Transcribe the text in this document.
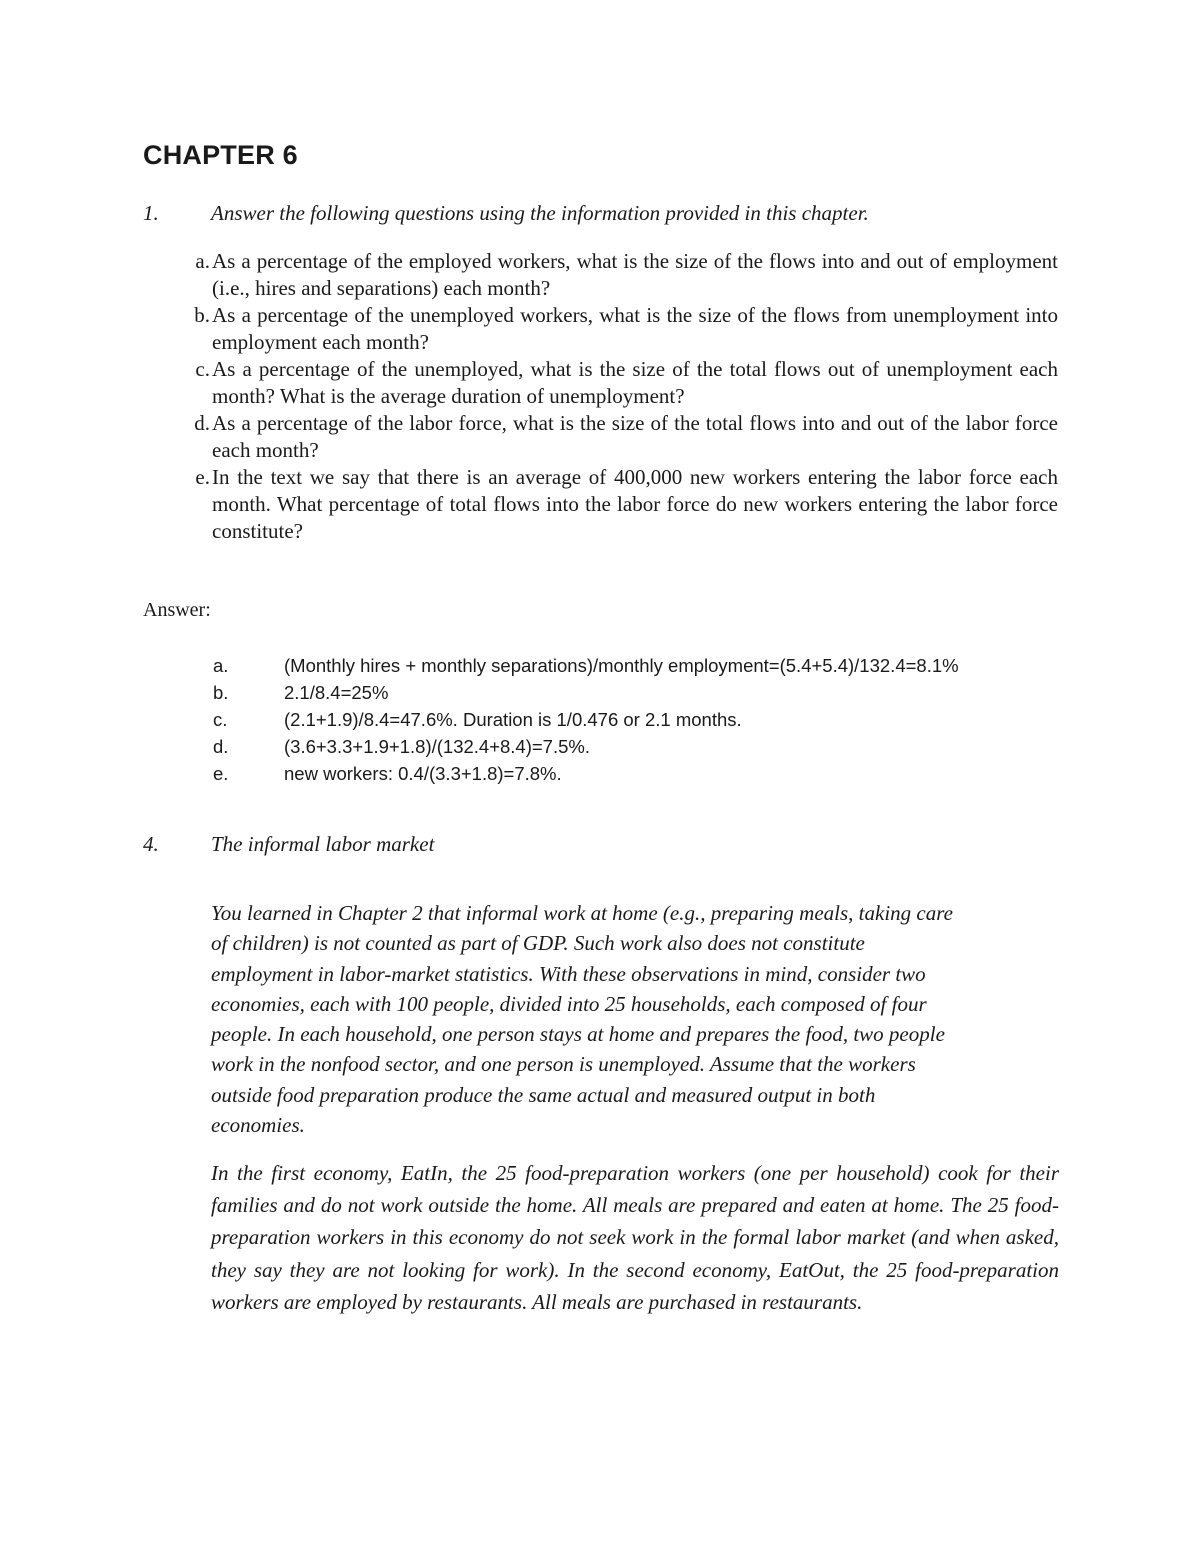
CHAPTER 6
1.	Answer the following questions using the information provided in this chapter.
a. As a percentage of the employed workers, what is the size of the flows into and out of employment (i.e., hires and separations) each month?
b. As a percentage of the unemployed workers, what is the size of the flows from unemployment into employment each month?
c. As a percentage of the unemployed, what is the size of the total flows out of unemployment each month? What is the average duration of unemployment?
d. As a percentage of the labor force, what is the size of the total flows into and out of the labor force each month?
e. In the text we say that there is an average of 400,000 new workers entering the labor force each month. What percentage of total flows into the labor force do new workers entering the labor force constitute?
Answer:
a.	(Monthly hires + monthly separations)/monthly employment=(5.4+5.4)/132.4=8.1%
b.	2.1/8.4=25%
c.	(2.1+1.9)/8.4=47.6%. Duration is 1/0.476 or 2.1 months.
d.	(3.6+3.3+1.9+1.8)/(132.4+8.4)=7.5%.
e.	new workers: 0.4/(3.3+1.8)=7.8%.
4. The informal labor market
You learned in Chapter 2 that informal work at home (e.g., preparing meals, taking care
of children) is not counted as part of GDP. Such work also does not constitute
employment in labor-market statistics. With these observations in mind, consider two
economies, each with 100 people, divided into 25 households, each composed of four
people. In each household, one person stays at home and prepares the food, two people
work in the nonfood sector, and one person is unemployed. Assume that the workers
outside food preparation produce the same actual and measured output in both
economies.

In the first economy, EatIn, the 25 food-preparation workers (one per household) cook for their families and do not work outside the home. All meals are prepared and eaten at home. The 25 food-preparation workers in this economy do not seek work in the formal labor market (and when asked, they say they are not looking for work). In the second economy, EatOut, the 25 food-preparation workers are employed by restaurants. All meals are purchased in restaurants.
